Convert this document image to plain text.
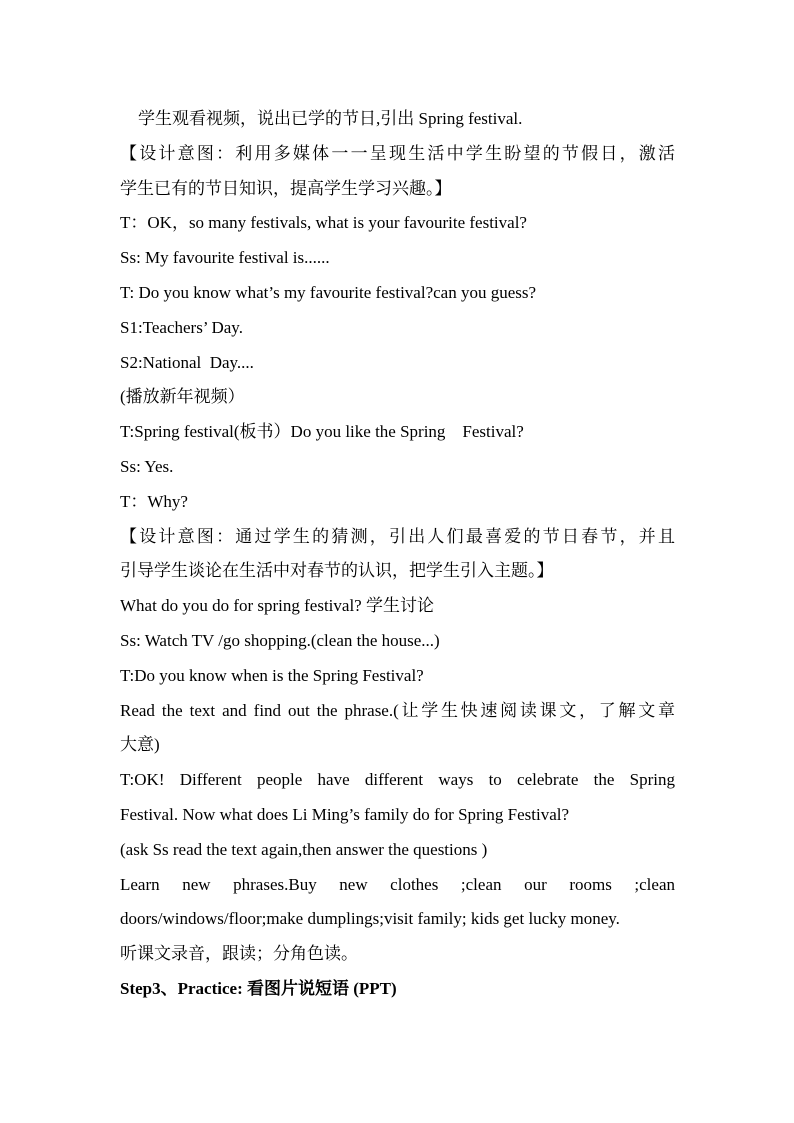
学生观看视频，说出已学的节日,引出 Spring festival.

【设计意图：利用多媒体一一呈现生活中学生盼望的节假日，激活

学生已有的节日知识，提高学生学习兴趣。】

T：OK，so many festivals, what is your favourite festival?

Ss: My favourite festival is......

T: Do you know what’s my favourite festival?can you guess?

S1:Teachers’ Day.

S2:National  Day....

(播放新年视频）

T:Spring festival(板书）Do you like the Spring    Festival?

Ss: Yes.

T：Why?

【设计意图：通过学生的猜测，引出人们最喜爱的节日春节，并且

引导学生谈论在生活中对春节的认识，把学生引入主题。】

What do you do for spring festival? 学生讨论

Ss: Watch TV /go shopping.(clean the house...)

T:Do you know when is the Spring Festival?

Read the text and find out the phrase.(让学生快速阅读课文，了解文章

大意)

T:OK! Different people have different ways to celebrate the Spring

Festival. Now what does Li Ming’s family do for Spring Festival?

(ask Ss read the text again,then answer the questions )

Learn new phrases.Buy new clothes ;clean our rooms ;clean

doors/windows/floor;make dumplings;visit family; kids get lucky money.

听课文录音，跟读；分角色读。

Step3、Practice: 看图片说短语 (PPT)
